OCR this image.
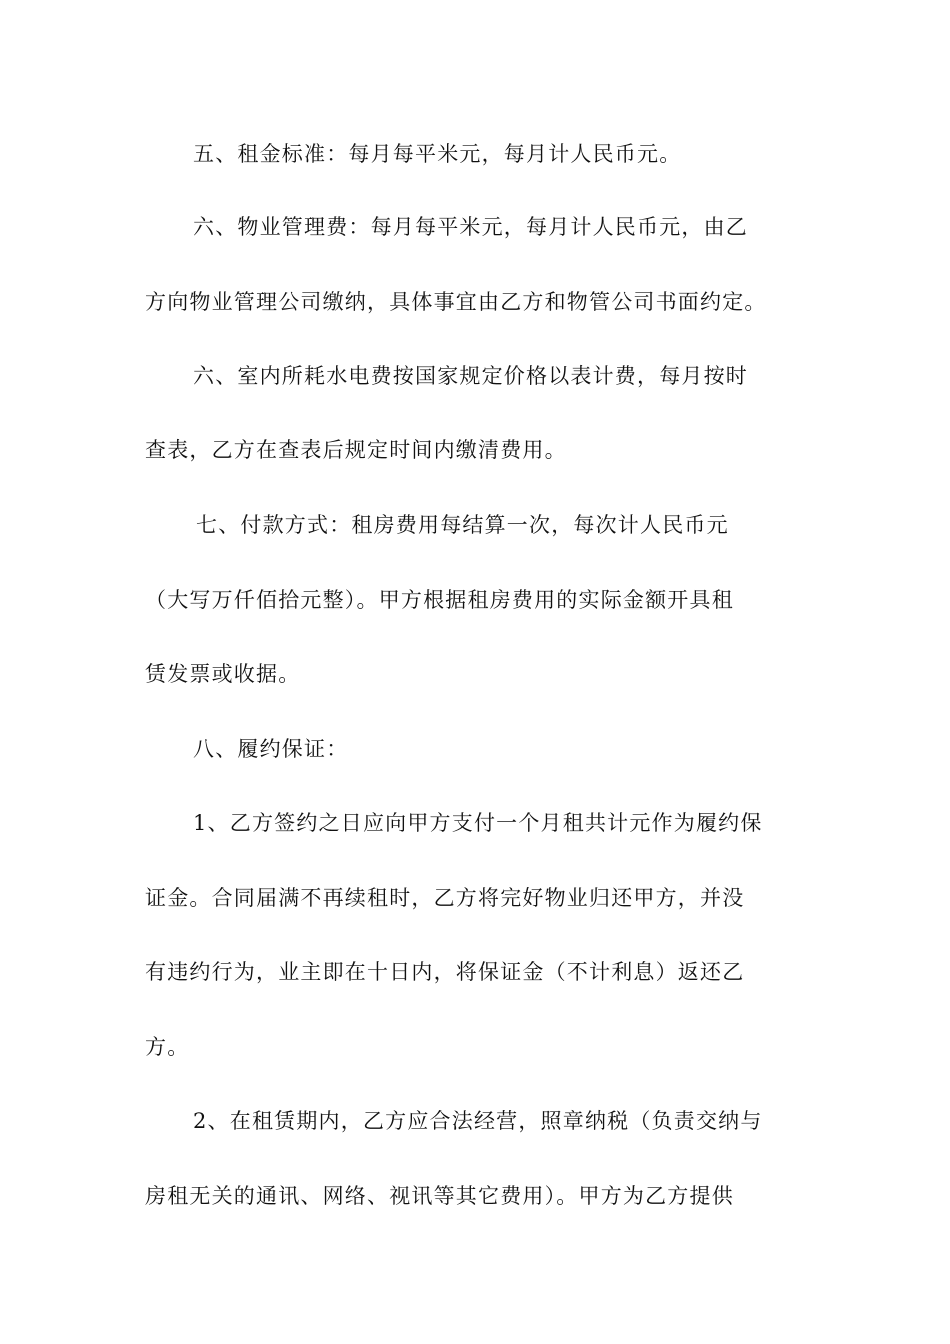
五、租金标准：每月每平米元，每月计人民币元。
六、物业管理费：每月每平米元，每月计人民币元，由乙
方向物业管理公司缴纳，具体事宜由乙方和物管公司书面约定。
六、室内所耗水电费按国家规定价格以表计费，每月按时
查表，乙方在查表后规定时间内缴清费用。
七、付款方式：租房费用每结算一次，每次计人民币元
（大写万仟佰拾元整）。甲方根据租房费用的实际金额开具租
赁发票或收据。
八、履约保证：
1、乙方签约之日应向甲方支付一个月租共计元作为履约保
证金。合同届满不再续租时，乙方将完好物业归还甲方，并没
有违约行为，业主即在十日内，将保证金（不计利息）返还乙
方。
2、在租赁期内，乙方应合法经营，照章纳税（负责交纳与
房租无关的通讯、网络、视讯等其它费用）。甲方为乙方提供
